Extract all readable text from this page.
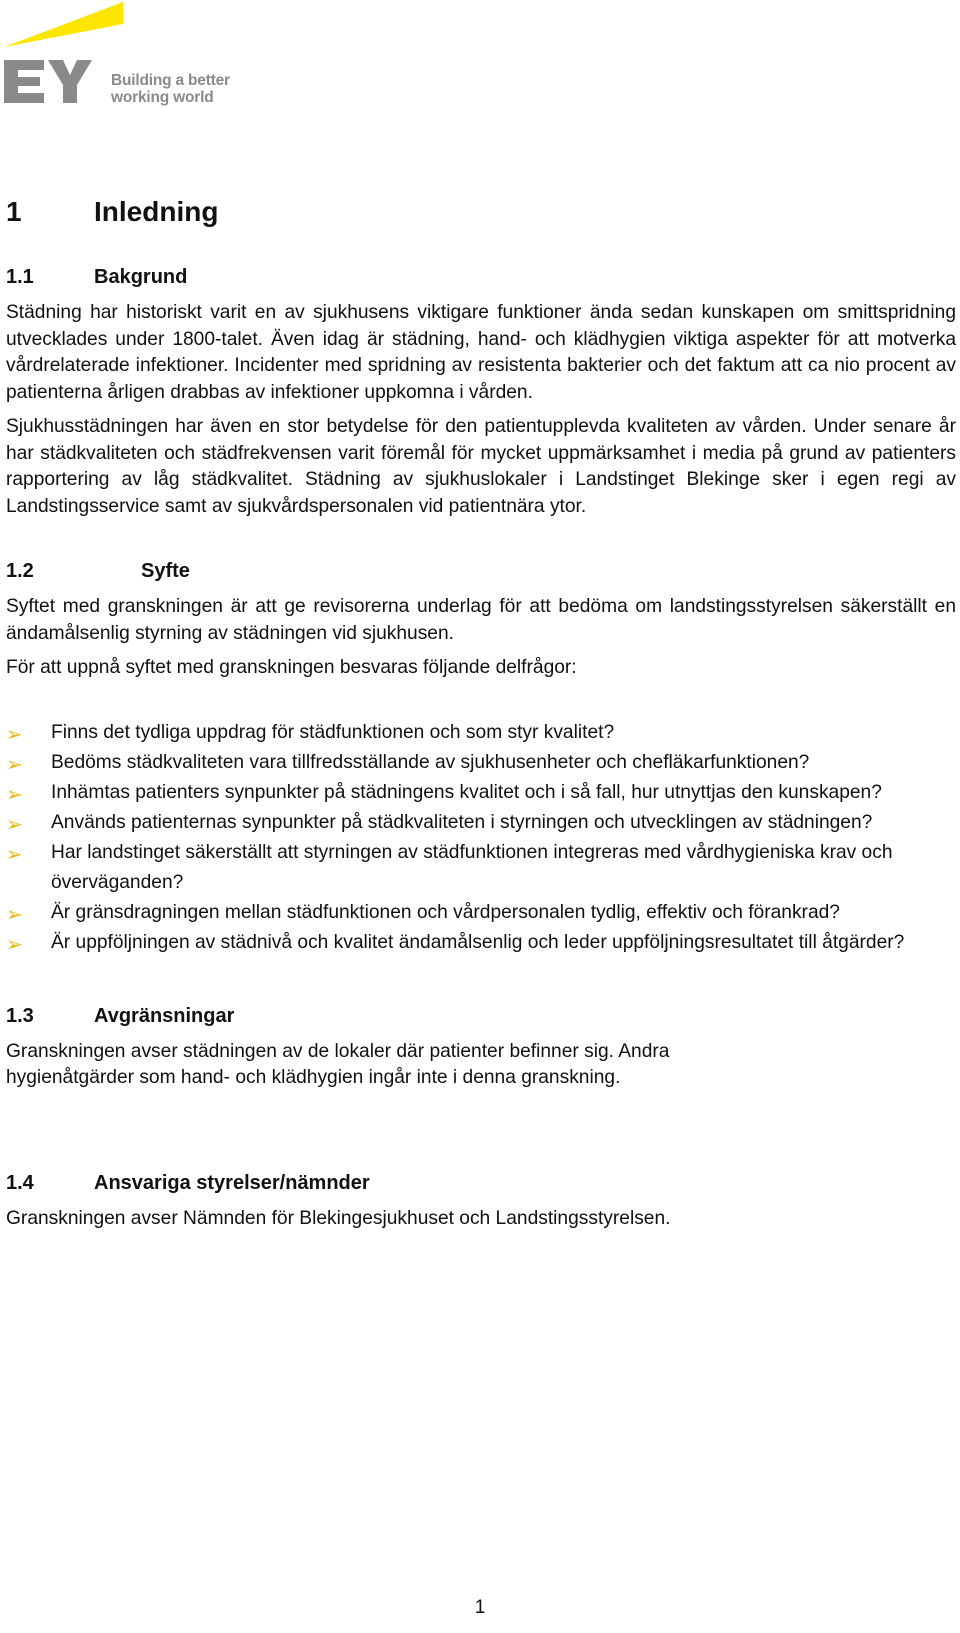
Building a better
working world
1	Inledning
1.1	Bakgrund

Städning har historiskt varit en av sjukhusens viktigare funktioner ända sedan kunskapen om smittspridning utvecklades under 1800-talet. Även idag är städning, hand- och klädhygien viktiga aspekter för att motverka vårdrelaterade infektioner. Incidenter med spridning av resistenta bakterier och det faktum att ca nio procent av patienterna årligen drabbas av infektioner uppkomna i vården.

Sjukhusstädningen har även en stor betydelse för den patientupplevda kvaliteten av vården. Under senare år har städkvaliteten och städfrekvensen varit föremål för mycket uppmärksamhet i media på grund av patienters rapportering av låg städkvalitet. Städning av sjukhuslokaler i Landstinget Blekinge sker i egen regi av Landstingsservice samt av sjukvårdspersonalen vid patientnära ytor.

1.2	Syfte

Syftet med granskningen är att ge revisorerna underlag för att bedöma om landstingsstyrelsen säkerställt en ändamålsenlig styrning av städningen vid sjukhusen.

För att uppnå syftet med granskningen besvaras följande delfrågor:

➢ Finns det tydliga uppdrag för städfunktionen och som styr kvalitet?
➢ Bedöms städkvaliteten vara tillfredsställande av sjukhusenheter och chefläkarfunktionen?
➢ Inhämtas patienters synpunkter på städningens kvalitet och i så fall, hur utnyttjas den kunskapen?
➢ Används patienternas synpunkter på städkvaliteten i styrningen och utvecklingen av städningen?
➢ Har landstinget säkerställt att styrningen av städfunktionen integreras med vårdhygieniska krav och överväganden?
➢ Är gränsdragningen mellan städfunktionen och vårdpersonalen tydlig, effektiv och förankrad?
➢ Är uppföljningen av städnivå och kvalitet ändamålsenlig och leder uppföljningsresultatet till åtgärder?
1.3	Avgränsningar

Granskningen avser städningen av de lokaler där patienter befinner sig. Andra
hygienåtgärder som hand- och klädhygien ingår inte i denna granskning.

1.4	Ansvariga styrelser/nämnder

Granskningen avser Nämnden för Blekingesjukhuset och Landstingsstyrelsen.

1
